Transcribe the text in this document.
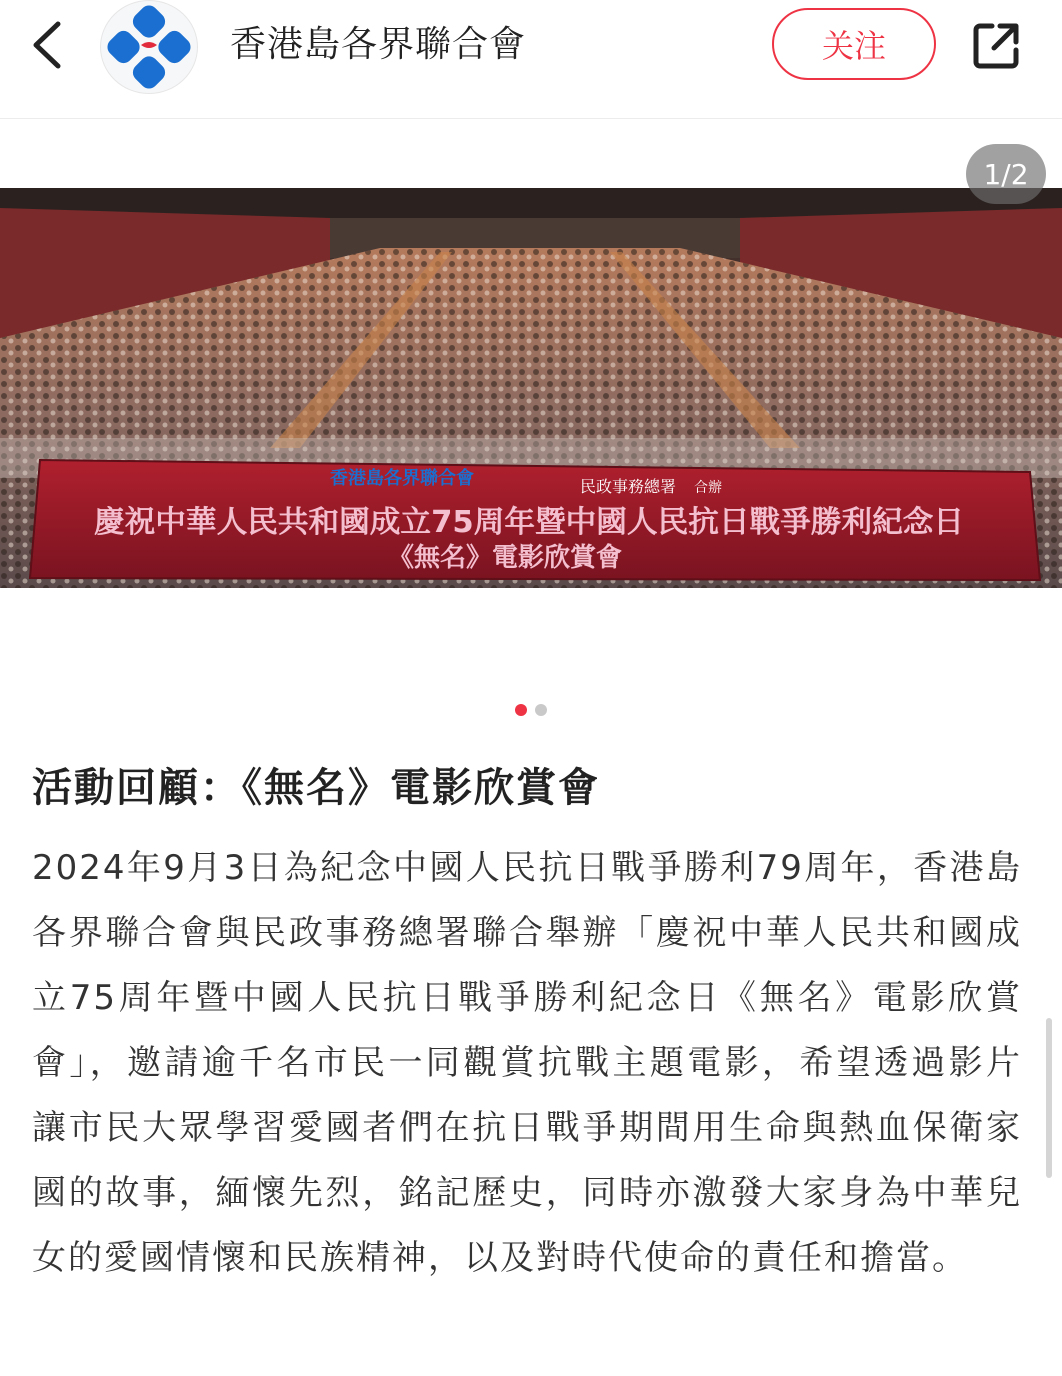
香港島各界聯合會	关注
1/2
香港島各界聯合會	民政事務總署 合辦
慶祝中華人民共和國成立75周年暨中國人民抗日戰爭勝利紀念日
《無名》電影欣賞會
活動回顧：《無名》電影欣賞會
2024年9月3日為紀念中國人民抗日戰爭勝利79周年，香港島各界聯合會與民政事務總署聯合舉辦「慶祝中華人民共和國成立75周年暨中國人民抗日戰爭勝利紀念日《無名》電影欣賞會」，邀請逾千名市民一同觀賞抗戰主題電影，希望透過影片讓市民大眾學習愛國者們在抗日戰爭期間用生命與熱血保衛家國的故事，緬懷先烈，銘記歷史，同時亦激發大家身為中華兒女的愛國情懷和民族精神，以及對時代使命的責任和擔當。
